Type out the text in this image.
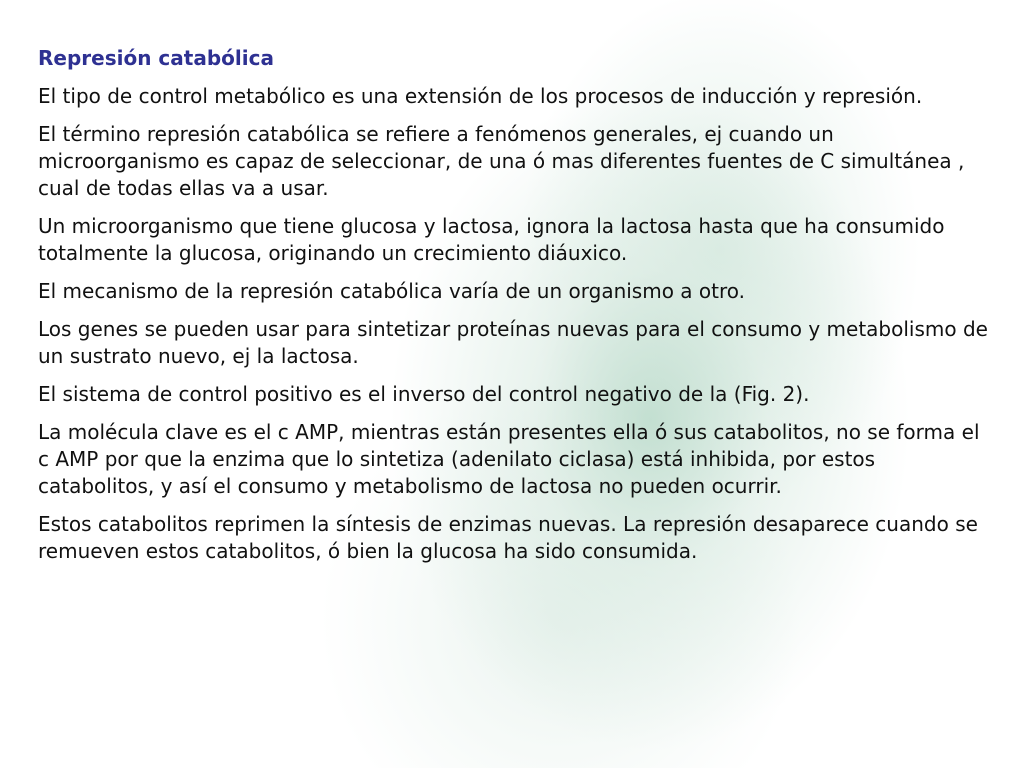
Represión catabólica
El tipo de control metabólico es una extensión de los procesos de inducción y represión.
El término represión catabólica se refiere a fenómenos generales, ej cuando un microorganismo es capaz de seleccionar, de una ó mas diferentes fuentes de C simultánea , cual de todas ellas va a usar.
Un microorganismo que tiene glucosa y lactosa, ignora la lactosa hasta que ha consumido totalmente la glucosa, originando un crecimiento diáuxico.
El mecanismo de la represión catabólica varía de un organismo a otro.
Los genes se pueden usar para sintetizar proteínas nuevas para el consumo y metabolismo de un sustrato nuevo, ej la lactosa.
El sistema de control positivo es el inverso del control negativo de la (Fig. 2).
La molécula clave es el c AMP, mientras están presentes ella ó sus catabolitos, no se forma el c AMP por que la enzima que lo sintetiza (adenilato ciclasa) está inhibida, por estos catabolitos, y así el consumo y metabolismo de lactosa no pueden ocurrir.
Estos catabolitos reprimen la síntesis de enzimas nuevas. La represión desaparece cuando se remueven estos catabolitos, ó bien la glucosa ha sido consumida.
